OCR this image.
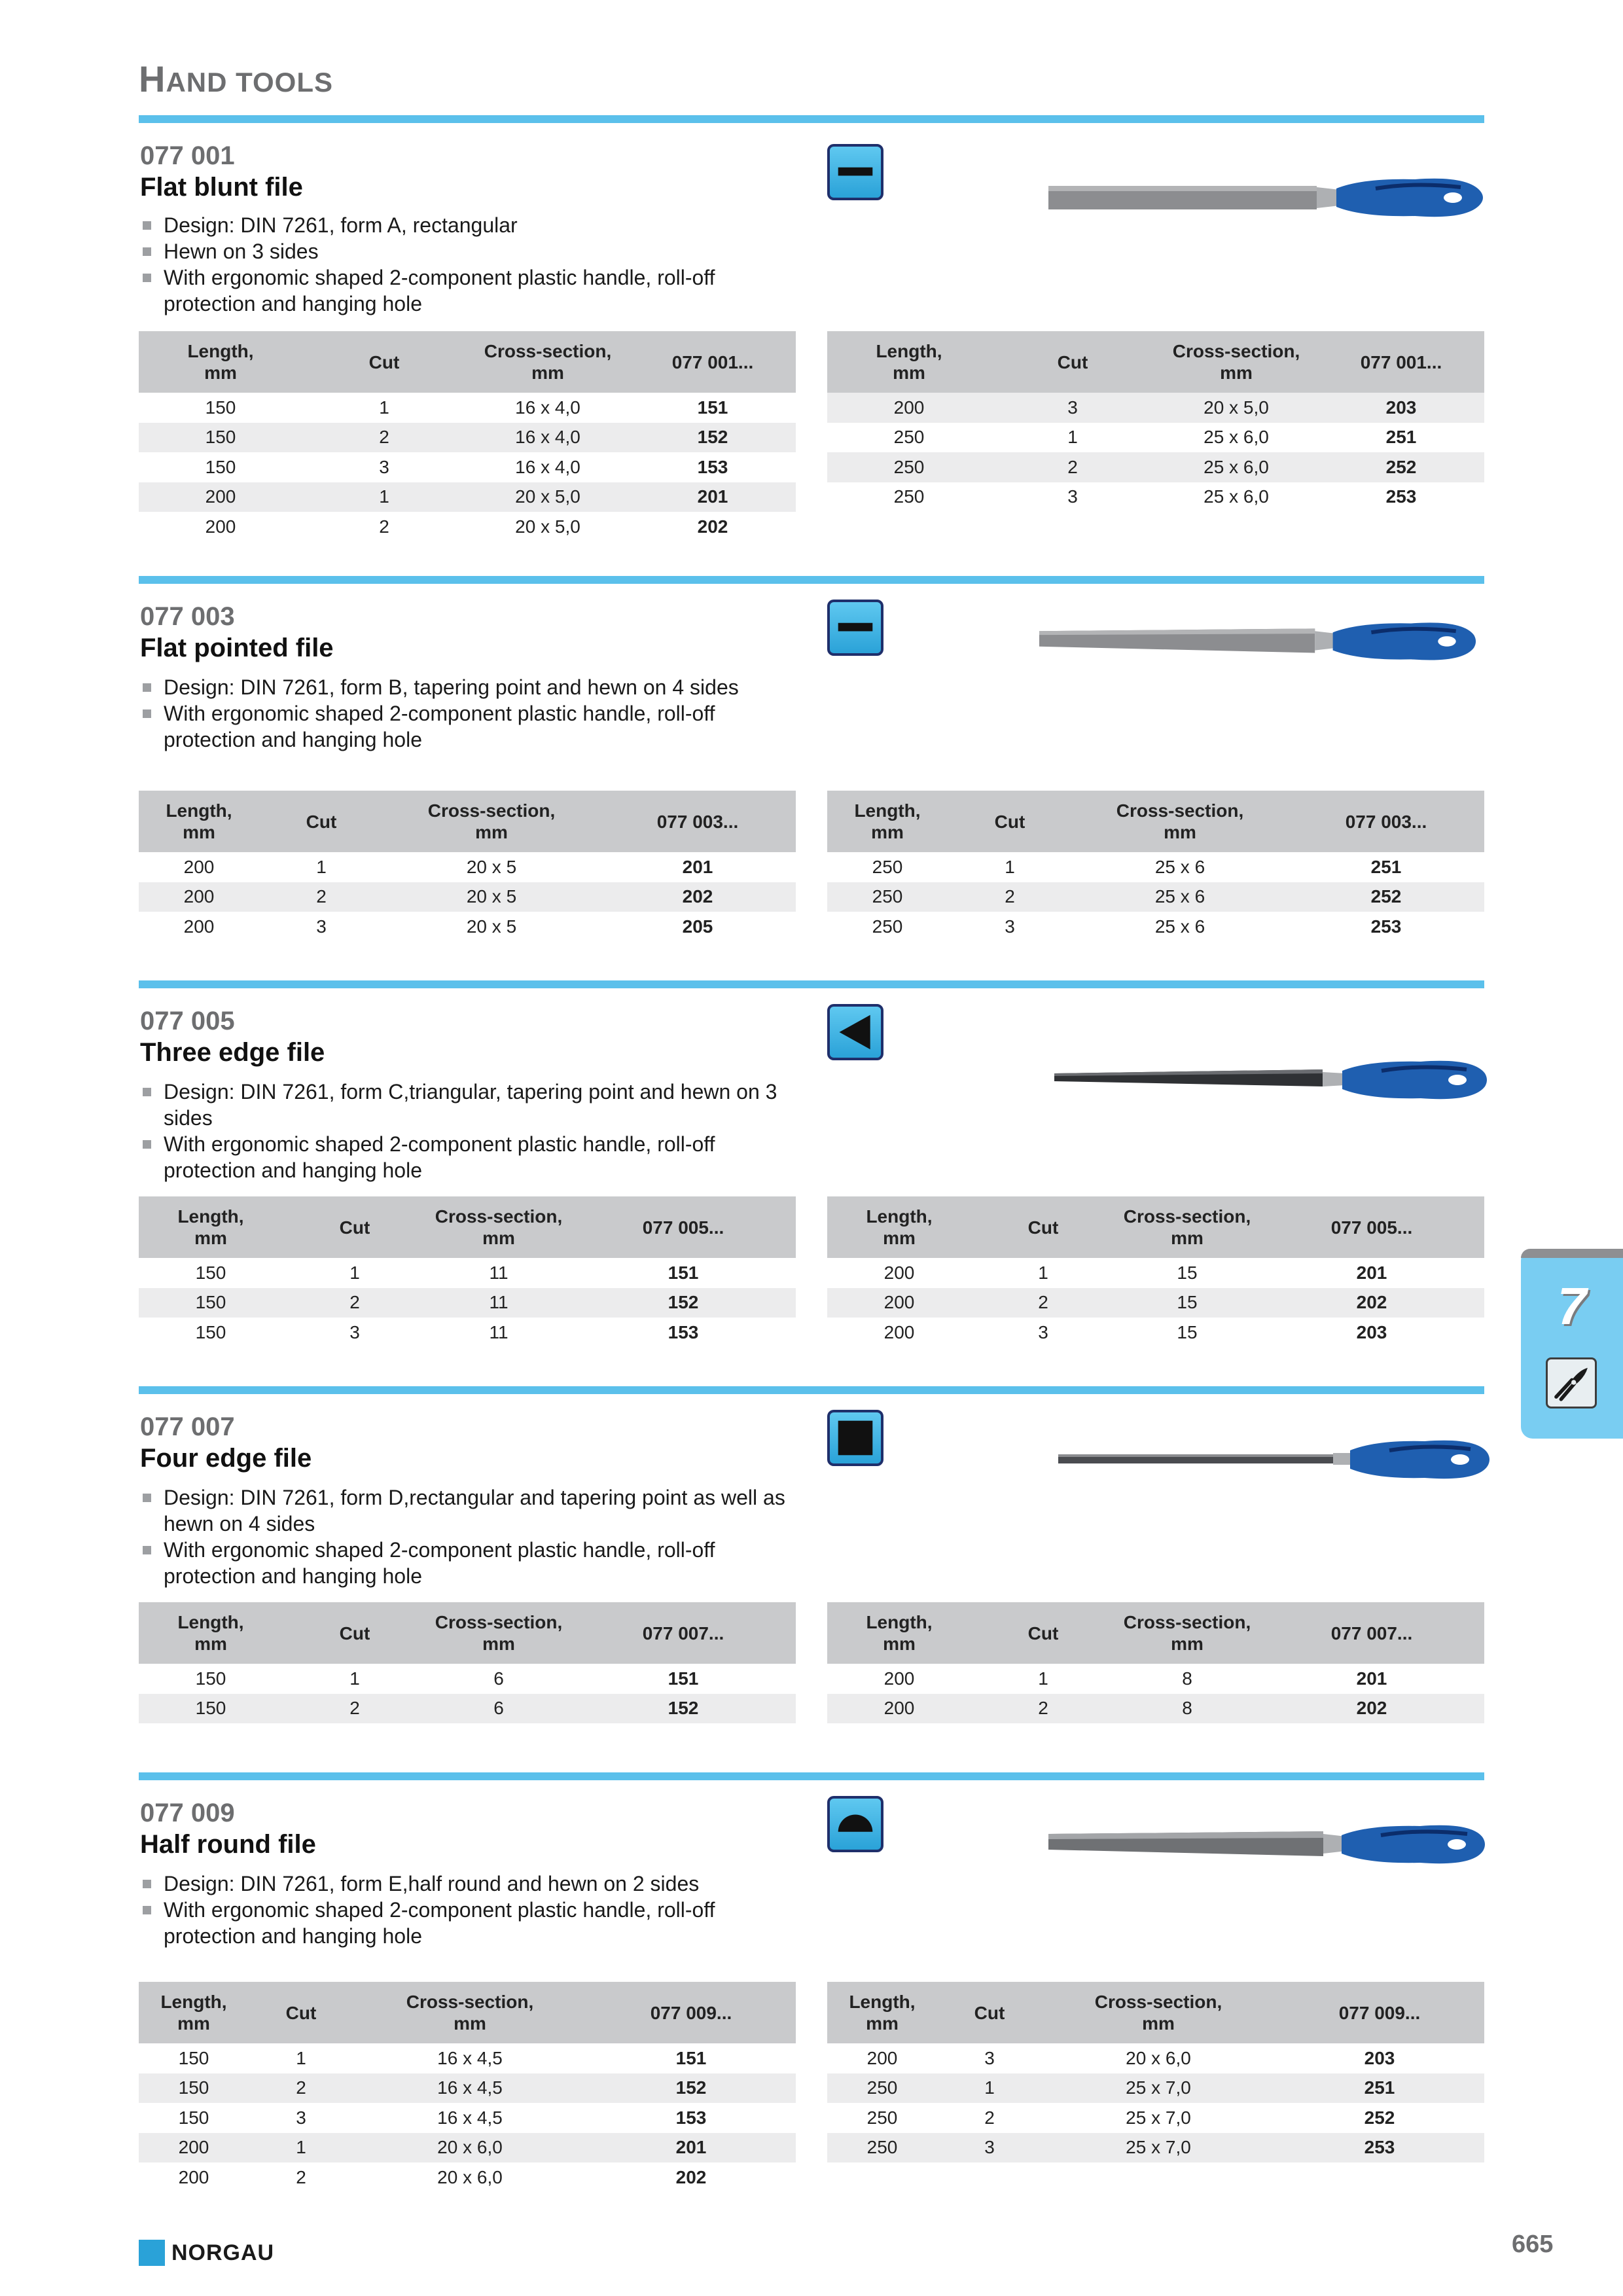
HAND TOOLS
077 001
Flat blunt file
Design: DIN 7261, form A, rectangular
Hewn on 3 sides
With ergonomic shaped 2-component plastic handle, roll-off protection and hanging hole
Length,
mm	Cut	Cross-section,
mm	077 001...
150	1	16 x 4,0	151
150	2	16 x 4,0	152
150	3	16 x 4,0	153
200	1	20 x 5,0	201
200	2	20 x 5,0	202
Length,
mm	Cut	Cross-section,
mm	077 001...
200	3	20 x 5,0	203
250	1	25 x 6,0	251
250	2	25 x 6,0	252
250	3	25 x 6,0	253
077 003
Flat pointed file
Design: DIN 7261, form B, tapering point and hewn on 4 sides
With ergonomic shaped 2-component plastic handle, roll-off protection and hanging hole
Length,
mm	Cut	Cross-section,
mm	077 003...
200	1	20 x 5	201
200	2	20 x 5	202
200	3	20 x 5	205
Length,
mm	Cut	Cross-section,
mm	077 003...
250	1	25 x 6	251
250	2	25 x 6	252
250	3	25 x 6	253
077 005
Three edge file
Design: DIN 7261, form C,triangular, tapering point and hewn on 3 sides
With ergonomic shaped 2-component plastic handle, roll-off protection and hanging hole
Length,
mm	Cut	Cross-section,
mm	077 005...
150	1	11	151
150	2	11	152
150	3	11	153
Length,
mm	Cut	Cross-section,
mm	077 005...
200	1	15	201
200	2	15	202
200	3	15	203
077 007
Four edge file
Design: DIN 7261, form D,rectangular and tapering point as well as hewn on 4 sides
With ergonomic shaped 2-component plastic handle, roll-off protection and hanging hole
Length,
mm	Cut	Cross-section,
mm	077 007...
150	1	6	151
150	2	6	152
Length,
mm	Cut	Cross-section,
mm	077 007...
200	1	8	201
200	2	8	202
077 009
Half round file
Design: DIN 7261, form E,half round and hewn on 2 sides
With ergonomic shaped 2-component plastic handle, roll-off protection and hanging hole
Length,
mm	Cut	Cross-section,
mm	077 009...
150	1	16 x 4,5	151
150	2	16 x 4,5	152
150	3	16 x 4,5	153
200	1	20 x 6,0	201
200	2	20 x 6,0	202
Length,
mm	Cut	Cross-section,
mm	077 009...
200	3	20 x 6,0	203
250	1	25 x 7,0	251
250	2	25 x 7,0	252
250	3	25 x 7,0	253
7
NORGAU	665
